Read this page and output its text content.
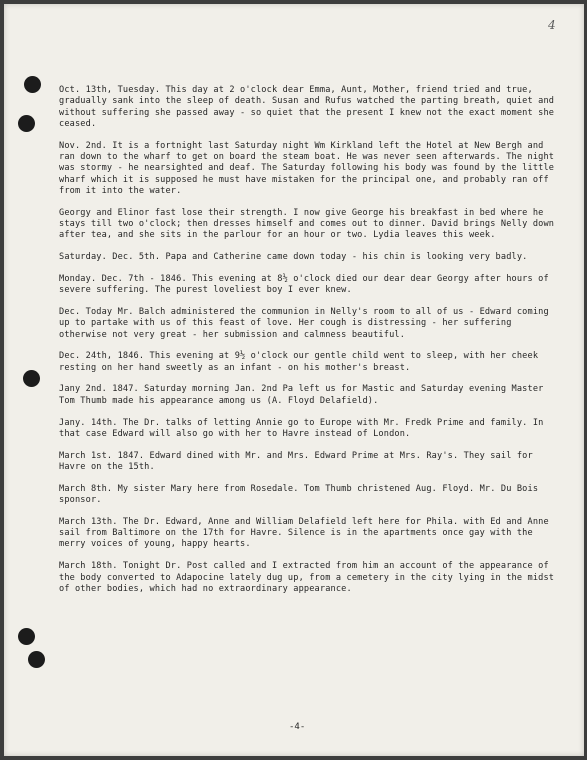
4

Oct. 13th, Tuesday. This day at 2 o'clock dear Emma, Aunt, Mother, friend tried and true, gradually sank into the sleep of death. Susan and Rufus watched the parting breath, quiet and without suffering she passed away - so quiet that the present I knew not the exact moment she ceased.

Nov. 2nd. It is a fortnight last Saturday night Wm Kirkland left the Hotel at New Bergh and ran down to the wharf to get on board the steam boat. He was never seen afterwards. The night was stormy - he nearsighted and deaf. The Saturday following his body was found by the little wharf which it is supposed he must have mistaken for the principal one, and probably ran off from it into the water.

Georgy and Elinor fast lose their strength. I now give George his breakfast in bed where he stays till two o'clock; then dresses himself and comes out to dinner. David brings Nelly down after tea, and she sits in the parlour for an hour or two. Lydia leaves this week.

Saturday. Dec. 5th. Papa and Catherine came down today - his chin is looking very badly.

Monday. Dec. 7th - 1846. This evening at 8½ o'clock died our dear dear Georgy after hours of severe suffering. The purest loveliest boy I ever knew.

Dec. Today Mr. Balch administered the communion in Nelly's room to all of us - Edward coming up to partake with us of this feast of love. Her cough is distressing - her suffering otherwise not very great - her submission and calmness beautiful.

Dec. 24th, 1846. This evening at 9½ o'clock our gentle child went to sleep, with her cheek resting on her hand sweetly as an infant - on his mother's breast.

Jany 2nd. 1847. Saturday morning Jan. 2nd Pa left us for Mastic and Saturday evening Master Tom Thumb made his appearance among us (A. Floyd Delafield).

Jany. 14th. The Dr. talks of letting Annie go to Europe with Mr. Fredk Prime and family. In that case Edward will also go with her to Havre instead of London.

March 1st. 1847. Edward dined with Mr. and Mrs. Edward Prime at Mrs. Ray's. They sail for Havre on the 15th.

March 8th. My sister Mary here from Rosedale. Tom Thumb christened Aug. Floyd. Mr. Du Bois sponsor.

March 13th. The Dr. Edward, Anne and William Delafield left here for Phila. with Ed and Anne sail from Baltimore on the 17th for Havre. Silence is in the apartments once gay with the merry voices of young, happy hearts.

March 18th. Tonight Dr. Post called and I extracted from him an account of the appearance of the body converted to Adapocine lately dug up, from a cemetery in the city lying in the midst of other bodies, which had no extraordinary appearance.

-4-
